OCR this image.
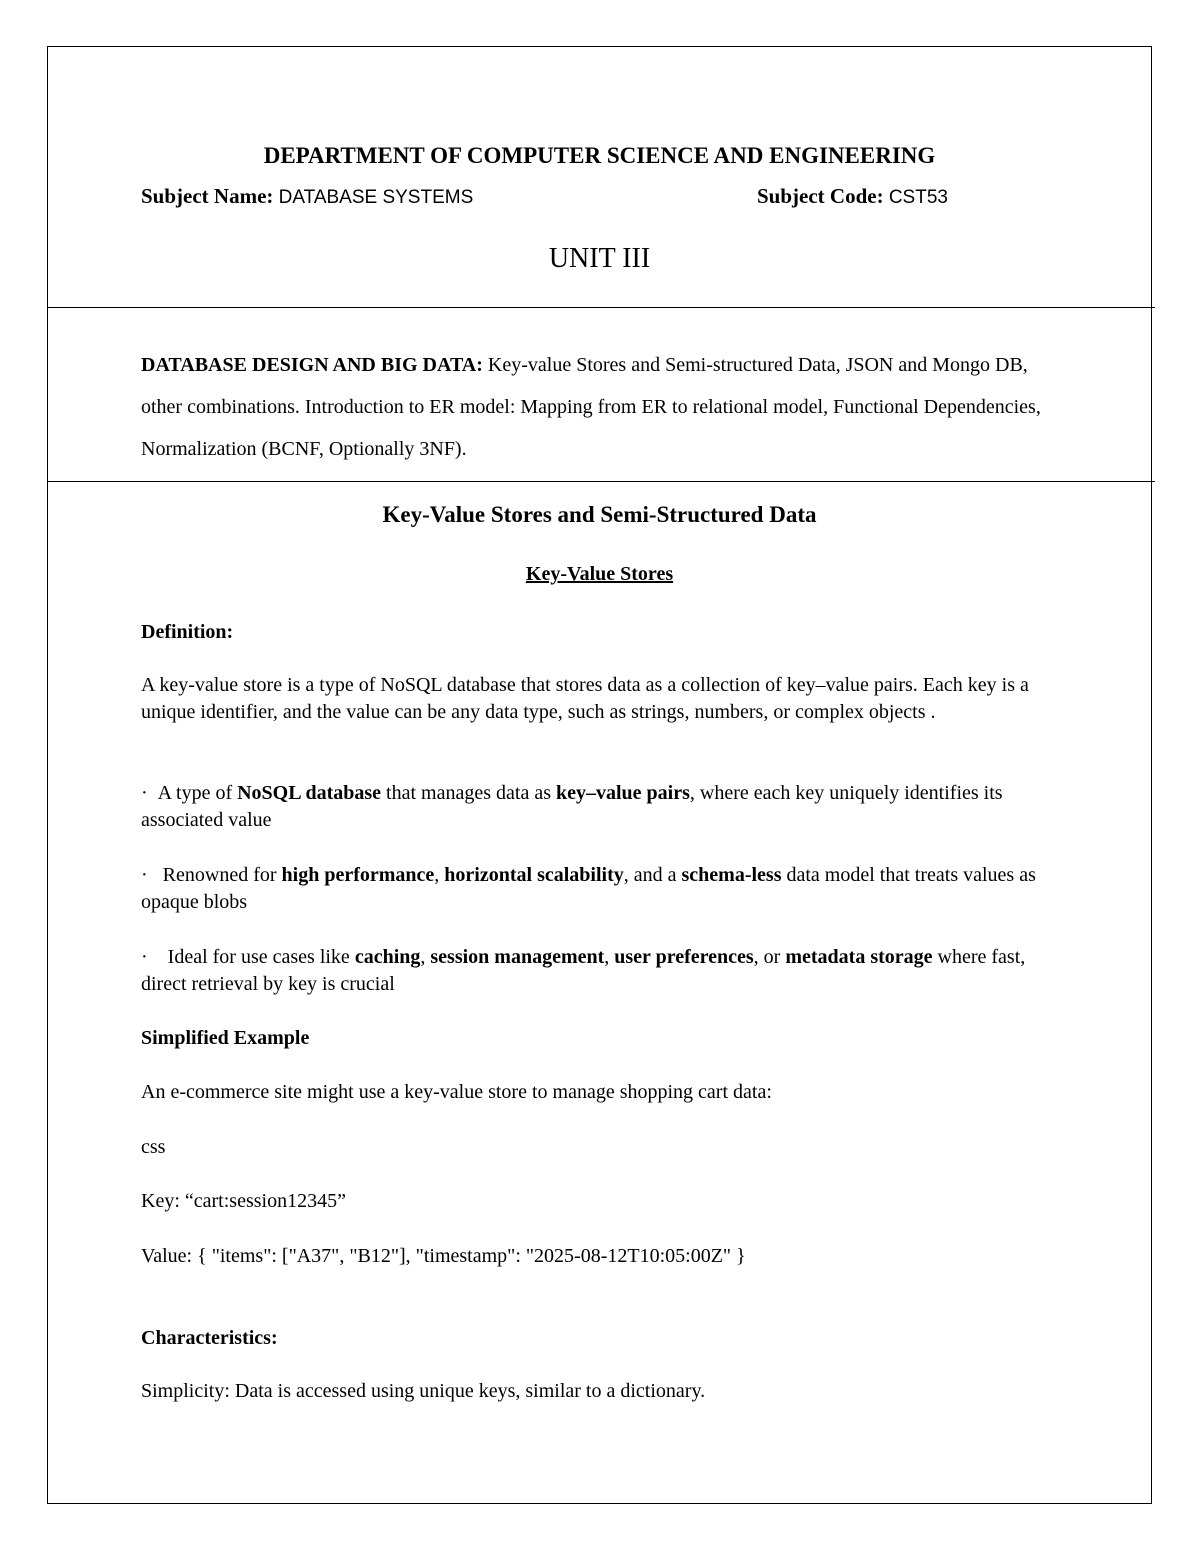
DEPARTMENT OF COMPUTER SCIENCE AND ENGINEERING
Subject Name: DATABASE SYSTEMS	Subject Code: CST53
UNIT III
DATABASE DESIGN AND BIG DATA: Key-value Stores and Semi-structured Data, JSON and Mongo DB, other combinations. Introduction to ER model: Mapping from ER to relational model, Functional Dependencies, Normalization (BCNF, Optionally 3NF).
Key-Value Stores and Semi-Structured Data
Key-Value Stores
Definition:
A key-value store is a type of NoSQL database that stores data as a collection of key–value pairs. Each key is a unique identifier, and the value can be any data type, such as strings, numbers, or complex objects .
· A type of NoSQL database that manages data as key–value pairs, where each key uniquely identifies its associated value
· Renowned for high performance, horizontal scalability, and a schema-less data model that treats values as opaque blobs
· Ideal for use cases like caching, session management, user preferences, or metadata storage where fast, direct retrieval by key is crucial
Simplified Example
An e-commerce site might use a key-value store to manage shopping cart data:
css
Key: “cart:session12345”
Value: { "items": ["A37", "B12"], "timestamp": "2025-08-12T10:05:00Z" }
Characteristics:
Simplicity: Data is accessed using unique keys, similar to a dictionary.
